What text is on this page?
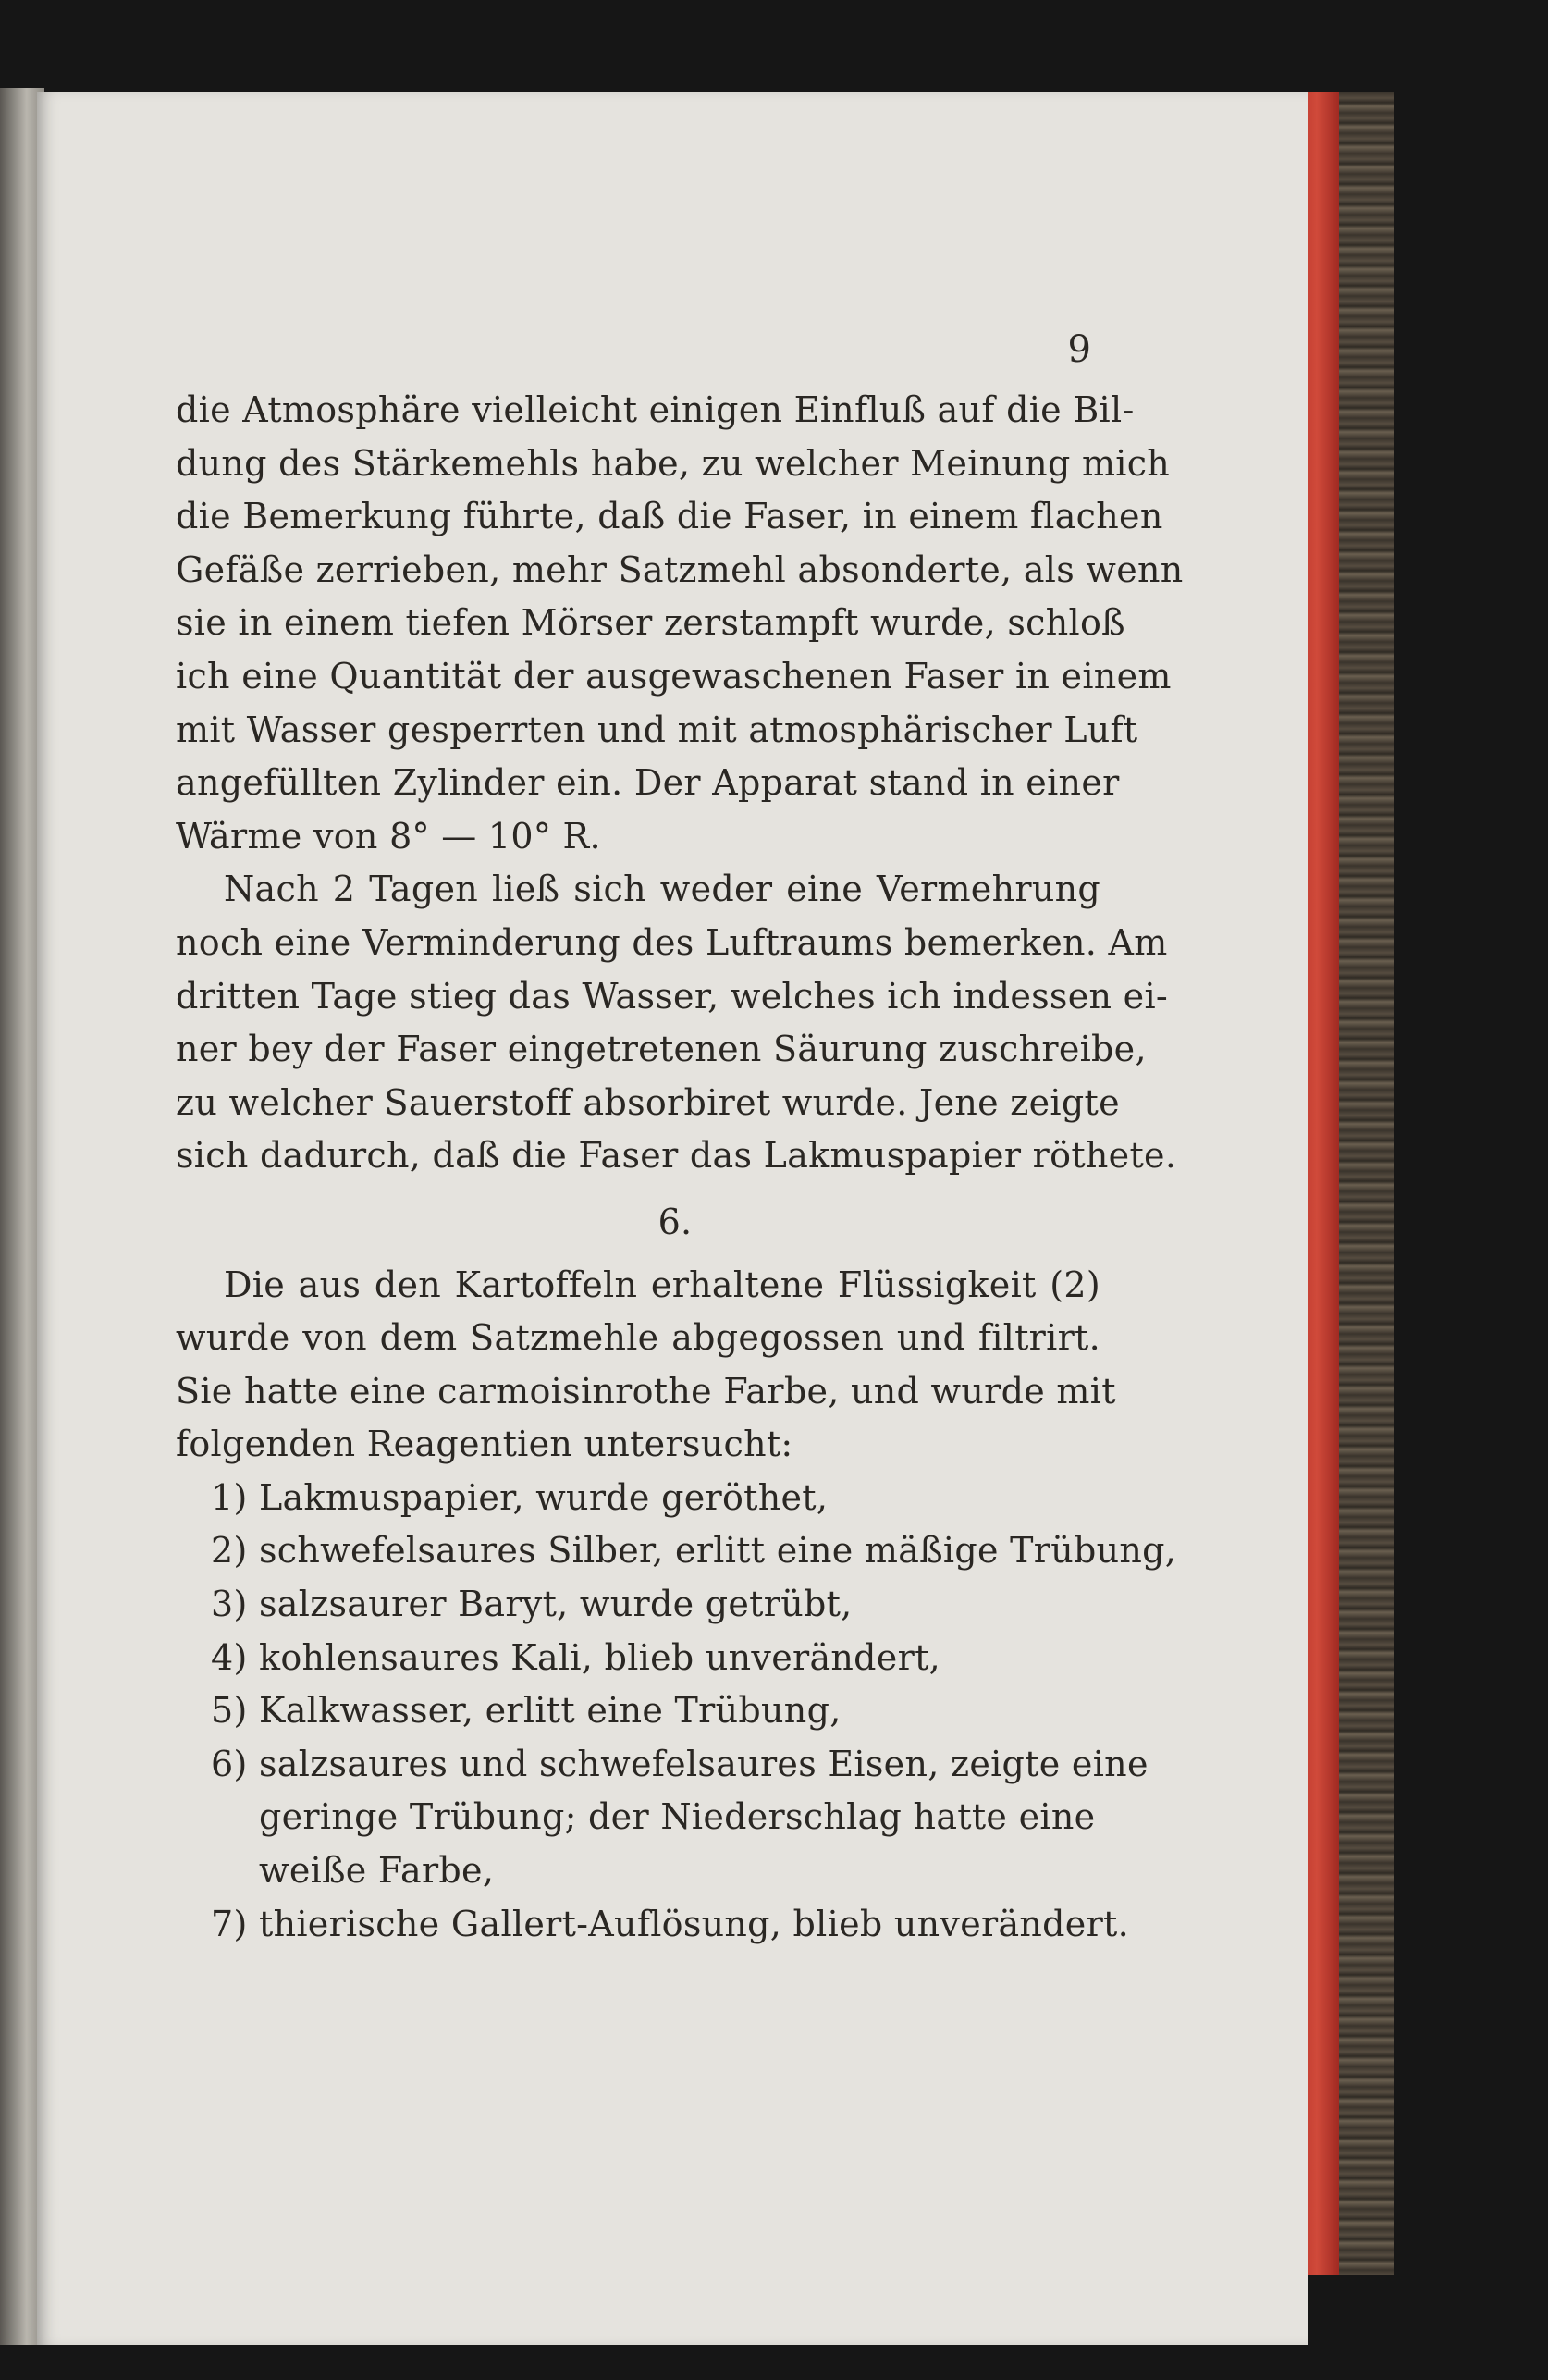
9
die Atmosphäre vielleicht einigen Einfluß auf die Bil-
dung des Stärkemehls habe, zu welcher Meinung mich
die Bemerkung führte, daß die Faser, in einem flachen
Gefäße zerrieben, mehr Satzmehl absonderte, als wenn
sie in einem tiefen Mörser zerstampft wurde, schloß
ich eine Quantität der ausgewaschenen Faser in einem
mit Wasser gesperrten und mit atmosphärischer Luft
angefüllten Zylinder ein. Der Apparat stand in einer
Wärme von 8° — 10° R.
Nach 2 Tagen ließ sich weder eine Vermehrung
noch eine Verminderung des Luftraums bemerken. Am
dritten Tage stieg das Wasser, welches ich indessen ei-
ner bey der Faser eingetretenen Säurung zuschreibe,
zu welcher Sauerstoff absorbiret wurde. Jene zeigte
sich dadurch, daß die Faser das Lakmuspapier röthete.
6.
Die aus den Kartoffeln erhaltene Flüssigkeit (2)
wurde von dem Satzmehle abgegossen und filtrirt.
Sie hatte eine carmoisinrothe Farbe, und wurde mit
folgenden Reagentien untersucht:
1) Lakmuspapier, wurde geröthet,
2) schwefelsaures Silber, erlitt eine mäßige Trübung,
3) salzsaurer Baryt, wurde getrübt,
4) kohlensaures Kali, blieb unverändert,
5) Kalkwasser, erlitt eine Trübung,
6) salzsaures und schwefelsaures Eisen, zeigte eine
geringe Trübung; der Niederschlag hatte eine
weiße Farbe,
7) thierische Gallert-Auflösung, blieb unverändert.
